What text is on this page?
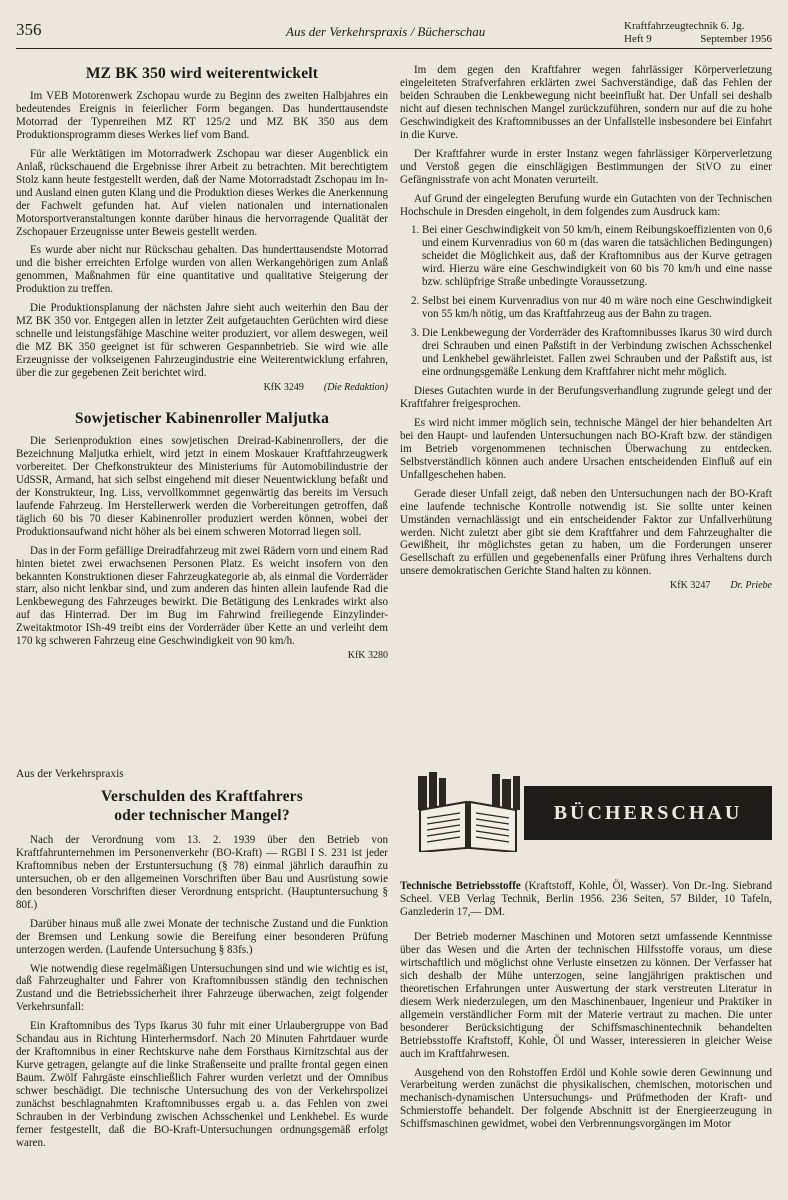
356	Aus der Verkehrspraxis / Bücherschau	Kraftfahrzeugtechnik 6. Jg.
Heft 9	September 1956
MZ BK 350 wird weiterentwickelt

Im VEB Motorenwerk Zschopau wurde zu Beginn des zweiten Halbjahres ein bedeutendes Ereignis in feierlicher Form begangen. Das hunderttausendste Motorrad der Typenreihen MZ RT 125/2 und MZ BK 350 aus dem Produktionsprogramm dieses Werkes lief vom Band.

Für alle Werktätigen im Motorradwerk Zschopau war dieser Augenblick ein Anlaß, rückschauend die Ergebnisse ihrer Arbeit zu betrachten. Mit berechtigtem Stolz kann heute festgestellt werden, daß der Name Motorradstadt Zschopau im In- und Ausland einen guten Klang und die Produktion dieses Werkes die Anerkennung der Fachwelt gefunden hat. Auf vielen nationalen und internationalen Motorsportveranstaltungen konnte darüber hinaus die hervorragende Qualität der Zschopauer Erzeugnisse unter Beweis gestellt werden.

Es wurde aber nicht nur Rückschau gehalten. Das hunderttausendste Motorrad und die bisher erreichten Erfolge wurden von allen Werkangehörigen zum Anlaß genommen, Maßnahmen für eine quantitative und qualitative Steigerung der Produktion zu treffen.

Die Produktionsplanung der nächsten Jahre sieht auch weiterhin den Bau der MZ BK 350 vor. Entgegen allen in letzter Zeit aufgetauchten Gerüchten wird diese schnelle und leistungsfähige Maschine weiter produziert, vor allem deswegen, weil die MZ BK 350 geeignet ist für schweren Gespannbetrieb. Sie wird wie alle Erzeugnisse der volkseigenen Fahrzeugindustrie eine Weiterentwicklung erfahren, über die zur gegebenen Zeit berichtet wird.

KfK 3249 (Die Redaktion)
Sowjetischer Kabinenroller Maljutka

Die Serienproduktion eines sowjetischen Dreirad-Kabinenrollers, der die Bezeichnung Maljutka erhielt, wird jetzt in einem Moskauer Kraftfahrzeugwerk vorbereitet. Der Chefkonstrukteur des Ministeriums für Automobilindustrie der UdSSR, Armand, hat sich selbst eingehend mit dieser Neuentwicklung befaßt und der Konstrukteur, Ing. Liss, vervollkommnet gegenwärtig das bereits im Versuch laufende Fahrzeug. Im Herstellerwerk werden die Vorbereitungen getroffen, daß täglich 60 bis 70 dieser Kabinenroller produziert werden können, wobei der Produktionsaufwand nicht höher als bei einem schweren Motorrad liegen soll.

Das in der Form gefällige Dreiradfahrzeug mit zwei Rädern vorn und einem Rad hinten bietet zwei erwachsenen Personen Platz. Es weicht insofern von den bekannten Konstruktionen dieser Fahrzeugkategorie ab, als einmal die Vorderräder starr, also nicht lenkbar sind, und zum anderen das hinten allein laufende Rad die Lenkbewegung des Fahrzeuges bewirkt. Die Betätigung des Lenkrades wirkt also auf das Hinterrad. Der im Bug im Fahrwind freiliegende Einzylinder-Zweitaktmotor ISh-49 treibt eins der Vorderräder über Kette an und verleiht dem 170 kg schweren Fahrzeug eine Geschwindigkeit von 90 km/h.

KfK 3280
Aus der Verkehrspraxis
Verschulden des Kraftfahrers
oder technischer Mangel?

Nach der Verordnung vom 13. 2. 1939 über den Betrieb von Kraftfahrunternehmen im Personenverkehr (BO-Kraft) — RGBl I S. 231 ist jeder Kraftomnibus neben der Erstuntersuchung (§ 78) einmal jährlich daraufhin zu untersuchen, ob er den allgemeinen Vorschriften über Bau und Ausrüstung sowie den besonderen Vorschriften dieser Verordnung entspricht. (Hauptuntersuchung § 80f.)

Darüber hinaus muß alle zwei Monate der technische Zustand und die Funktion der Bremsen und Lenkung sowie die Bereifung einer besonderen Prüfung unterzogen werden. (Laufende Untersuchung § 83fs.)

Wie notwendig diese regelmäßigen Untersuchungen sind und wie wichtig es ist, daß Fahrzeughalter und Fahrer von Kraftomnibussen ständig den technischen Zustand und die Betriebssicherheit ihrer Fahrzeuge überwachen, zeigt folgender Verkehrsunfall:

Ein Kraftomnibus des Typs Ikarus 30 fuhr mit einer Urlaubergruppe von Bad Schandau aus in Richtung Hinterhermsdorf. Nach 20 Minuten Fahrtdauer wurde der Kraftomnibus in einer Rechtskurve nahe dem Forsthaus Kirnitzschtal aus der Kurve getragen, gelangte auf die linke Straßenseite und prallte frontal gegen einen Baum. Zwölf Fahrgäste einschließlich Fahrer wurden verletzt und der Omnibus schwer beschädigt. Die technische Untersuchung des von der Verkehrspolizei zunächst beschlagnahmten Kraftomnibusses ergab u. a. das Fehlen von zwei Schrauben in der Verbindung zwischen Achsschenkel und Lenkhebel. Es wurde ferner festgestellt, daß die BO-Kraft-Untersuchungen ordnungsgemäß erfolgt waren.

Im dem gegen den Kraftfahrer wegen fahrlässiger Körperverletzung eingeleiteten Strafverfahren erklärten zwei Sachverständige, daß das Fehlen der beiden Schrauben die Lenkbewegung nicht beeinflußt hat. Der Unfall sei deshalb nicht auf diesen technischen Mangel zurückzuführen, sondern nur auf die zu hohe Geschwindigkeit des Kraftomnibusses an der Unfallstelle insbesondere bei Einfahrt in die Kurve.

Der Kraftfahrer wurde in erster Instanz wegen fahrlässiger Körperverletzung und Verstoß gegen die einschlägigen Bestimmungen der StVO zu einer Gefängnisstrafe von acht Monaten verurteilt.

Auf Grund der eingelegten Berufung wurde ein Gutachten von der Technischen Hochschule in Dresden eingeholt, in dem folgendes zum Ausdruck kam:

1. Bei einer Geschwindigkeit von 50 km/h, einem Reibungskoeffizienten von 0,6 und einem Kurvenradius von 60 m (das waren die tatsächlichen Bedingungen) scheidet die Möglichkeit aus, daß der Kraftomnibus aus der Kurve getragen wird. Hierzu wäre eine Geschwindigkeit von 60 bis 70 km/h und eine nasse bzw. schlüpfrige Straße unbedingte Voraussetzung.
2. Selbst bei einem Kurvenradius von nur 40 m wäre noch eine Geschwindigkeit von 55 km/h nötig, um das Kraftfahrzeug aus der Bahn zu tragen.
3. Die Lenkbewegung der Vorderräder des Kraftomnibusses Ikarus 30 wird durch drei Schrauben und einen Paßstift in der Verbindung zwischen Achsschenkel und Lenkhebel gewährleistet. Fallen zwei Schrauben und der Paßstift aus, ist eine ordnungsgemäße Lenkung dem Kraftfahrer nicht mehr möglich.

Dieses Gutachten wurde in der Berufungsverhandlung zugrunde gelegt und der Kraftfahrer freigesprochen.

Es wird nicht immer möglich sein, technische Mängel der hier behandelten Art bei den Haupt- und laufenden Untersuchungen nach BO-Kraft bzw. der ständigen im Betrieb vorgenommenen technischen Überwachung zu entdecken. Selbstverständlich können auch andere Ursachen entscheidenden Einfluß auf ein Unfallgeschehen haben.

Gerade dieser Unfall zeigt, daß neben den Untersuchungen nach der BO-Kraft eine laufende technische Kontrolle notwendig ist. Sie sollte unter keinen Umständen vernachlässigt und ein entscheidender Faktor zur Unfallverhütung werden. Nicht zuletzt aber gibt sie dem Kraftfahrer und dem Fahrzeughalter die Gewißheit, ihr möglichstes getan zu haben, um die Forderungen unserer Gesellschaft zu erfüllen und gegebenenfalls einer Prüfung ihres Verhaltens durch unsere demokratischen Gerichte Stand halten zu können.

KfK 3247 Dr. Priebe
BÜCHERSCHAU

Technische Betriebsstoffe (Kraftstoff, Kohle, Öl, Wasser). Von Dr.-Ing. Siebrand Scheel. VEB Verlag Technik, Berlin 1956. 236 Seiten, 57 Bilder, 10 Tafeln, Ganzlederin 17,— DM.

Der Betrieb moderner Maschinen und Motoren setzt umfassende Kenntnisse über das Wesen und die Arten der technischen Hilfsstoffe voraus, um diese wirtschaftlich und möglichst ohne Verluste einsetzen zu können. Der Verfasser hat sich deshalb der Mühe unterzogen, seine langjährigen praktischen und theoretischen Erfahrungen unter Auswertung der stark verstreuten Literatur in diesem Werk niederzulegen, um den Maschinenbauer, Ingenieur und Praktiker in allgemein verständlicher Form mit der Materie vertraut zu machen. Die unter besonderer Berücksichtigung der Schiffsmaschinentechnik behandelten Betriebsstoffe Kraftstoff, Kohle, Öl und Wasser, interessieren in gleicher Weise auch im Kraftfahrwesen.

Ausgehend von den Rohstoffen Erdöl und Kohle sowie deren Gewinnung und Verarbeitung werden zunächst die physikalischen, chemischen, motorischen und mechanisch-dynamischen Untersuchungs- und Prüfmethoden der Kraft- und Schmierstoffe behandelt. Der folgende Abschnitt ist der Energieerzeugung in Schiffsmaschinen gewidmet, wobei den Verbrennungsvorgängen im Motor
